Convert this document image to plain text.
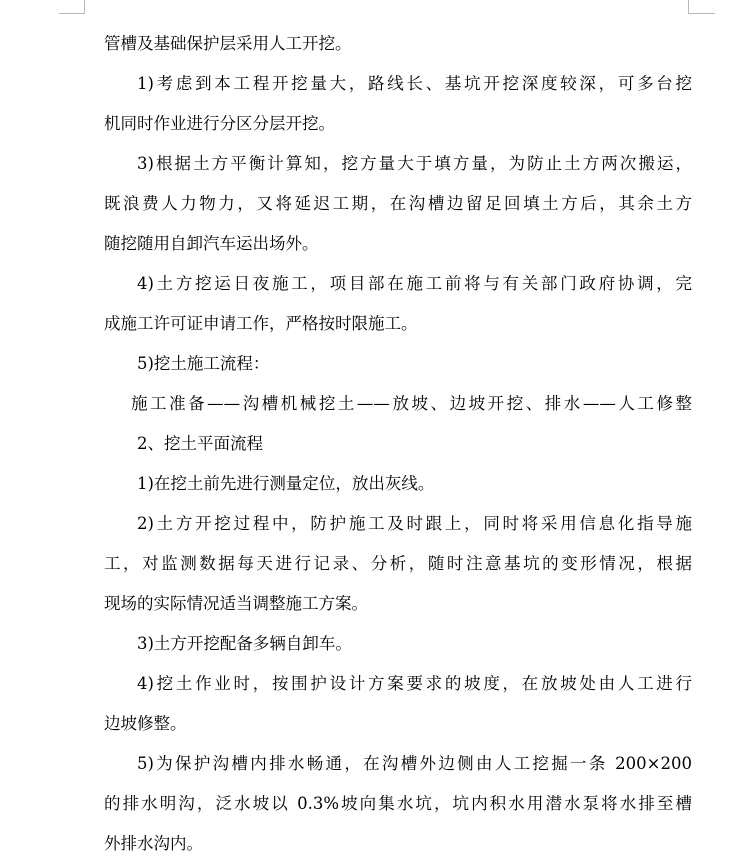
管槽及基础保护层采用人工开挖。
1)考虑到本工程开挖量大，路线长、基坑开挖深度较深，可多台挖
机同时作业进行分区分层开挖。
3)根据土方平衡计算知，挖方量大于填方量，为防止土方两次搬运，
既浪费人力物力，又将延迟工期，在沟槽边留足回填土方后，其余土方
随挖随用自卸汽车运出场外。
4)土方挖运日夜施工，项目部在施工前将与有关部门政府协调，完
成施工许可证申请工作，严格按时限施工。
5)挖土施工流程：
施工准备——沟槽机械挖土——放坡、边坡开挖、排水——人工修整
2、挖土平面流程
1)在挖土前先进行测量定位，放出灰线。
2)土方开挖过程中，防护施工及时跟上，同时将采用信息化指导施
工，对监测数据每天进行记录、分析，随时注意基坑的变形情况，根据
现场的实际情况适当调整施工方案。
3)土方开挖配备多辆自卸车。
4)挖土作业时，按围护设计方案要求的坡度，在放坡处由人工进行
边坡修整。
5)为保护沟槽内排水畅通，在沟槽外边侧由人工挖掘一条 200×200
的排水明沟，泛水坡以 0.3%坡向集水坑，坑内积水用潜水泵将水排至槽
外排水沟内。
